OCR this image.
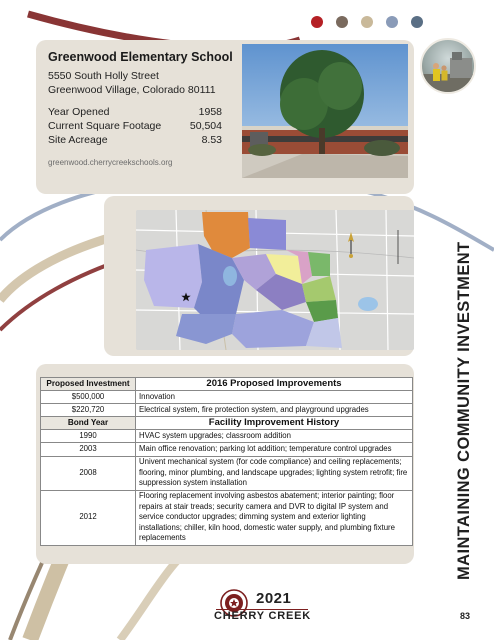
Greenwood Elementary School
5550 South Holly Street
Greenwood Village, Colorado 80111
Year Opened	1958
Current Square Footage	50,504
Site Acreage	8.53
greenwood.cherrycreekschools.org
Proposed Investment	2016 Proposed Improvements
$500,000	Innovation
$220,720	Electrical system, fire protection system, and playground upgrades
Bond Year	Facility Improvement History
1990	HVAC system upgrades; classroom addition
2003	Main office renovation; parking lot addition; temperature control upgrades
2008	Univent mechanical system (for code compliance) and ceiling replacements; flooring, minor plumbing, and landscape upgrades; lighting system retrofit; fire suppression system installation
2012	Flooring replacement involving asbestos abatement; interior painting; floor repairs at stair treads; security camera and DVR to digital IP system and service conductor upgrades; dimming system and exterior lighting installations; chiller, kiln hood, domestic water supply, and plumbing fixture replacements	MAINTAINING COMMUNITY INVESTMENT
2021
CHERRY CREEK	83
